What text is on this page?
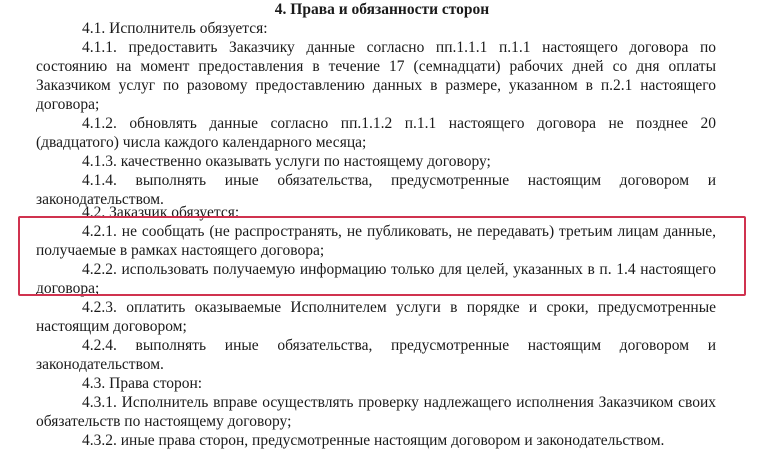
4. Права и обязанности сторон

4.1. Исполнитель обязуется:

4.1.1. предоставить Заказчику данные согласно пп.1.1.1 п.1.1 настоящего договора по состоянию на момент предоставления в течение 17 (семнадцати) рабочих дней со дня оплаты Заказчиком услуг по разовому предоставлению данных в размере, указанном в п.2.1 настоящего договора;

4.1.2. обновлять данные согласно пп.1.1.2 п.1.1 настоящего договора не позднее 20 (двадцатого) числа каждого календарного месяца;

4.1.3. качественно оказывать услуги по настоящему договору;

4.1.4. выполнять иные обязательства, предусмотренные настоящим договором и законодательством.

4.2. Заказчик обязуется:

4.2.1. не сообщать (не распространять, не публиковать, не передавать) третьим лицам данные, получаемые в рамках настоящего договора;

4.2.2. использовать получаемую информацию только для целей, указанных в п. 1.4 настоящего договора;

4.2.3. оплатить оказываемые Исполнителем услуги в порядке и сроки, предусмотренные настоящим договором;

4.2.4. выполнять иные обязательства, предусмотренные настоящим договором и законодательством.

4.3. Права сторон:

4.3.1. Исполнитель вправе осуществлять проверку надлежащего исполнения Заказчиком своих обязательств по настоящему договору;

4.3.2. иные права сторон, предусмотренные настоящим договором и законодательством.
